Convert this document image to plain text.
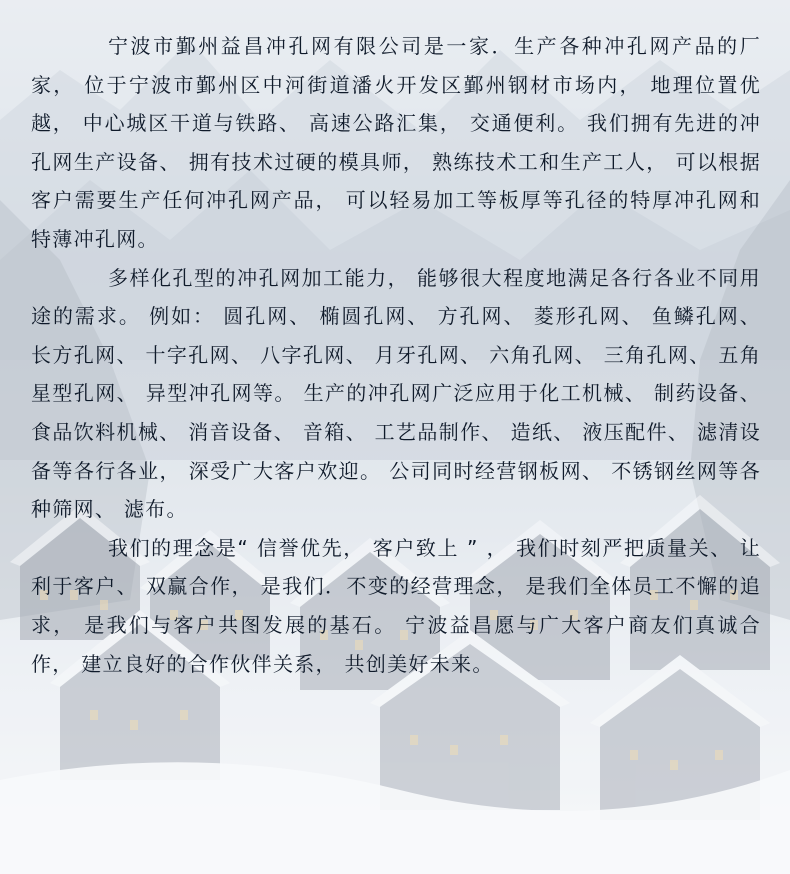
宁波市鄞州益昌冲孔网有限公司是一家．生产各种冲孔网产品的厂家， 位于宁波市鄞州区中河街道潘火开发区鄞州钢材市场内， 地理位置优越， 中心城区干道与铁路、 高速公路汇集， 交通便利。 我们拥有先进的冲孔网生产设备、 拥有技术过硬的模具师， 熟练技术工和生产工人， 可以根据客户需要生产任何冲孔网产品， 可以轻易加工等板厚等孔径的特厚冲孔网和特薄冲孔网。

多样化孔型的冲孔网加工能力， 能够很大程度地满足各行各业不同用途的需求。 例如： 圆孔网、 椭圆孔网、 方孔网、 菱形孔网、 鱼鳞孔网、 长方孔网、 十字孔网、 八字孔网、 月牙孔网、 六角孔网、 三角孔网、 五角星型孔网、 异型冲孔网等。 生产的冲孔网广泛应用于化工机械、 制药设备、 食品饮料机械、 消音设备、 音箱、 工艺品制作、 造纸、 液压配件、 滤清设备等各行各业， 深受广大客户欢迎。 公司同时经营钢板网、 不锈钢丝网等各种筛网、 滤布。

我们的理念是“ 信誉优先， 客户致上 ” ， 我们时刻严把质量关、 让利于客户、 双赢合作， 是我们．不变的经营理念， 是我们全体员工不懈的追求， 是我们与客户共图发展的基石。 宁波益昌愿与广大客户商友们真诚合作， 建立良好的合作伙伴关系， 共创美好未来。
